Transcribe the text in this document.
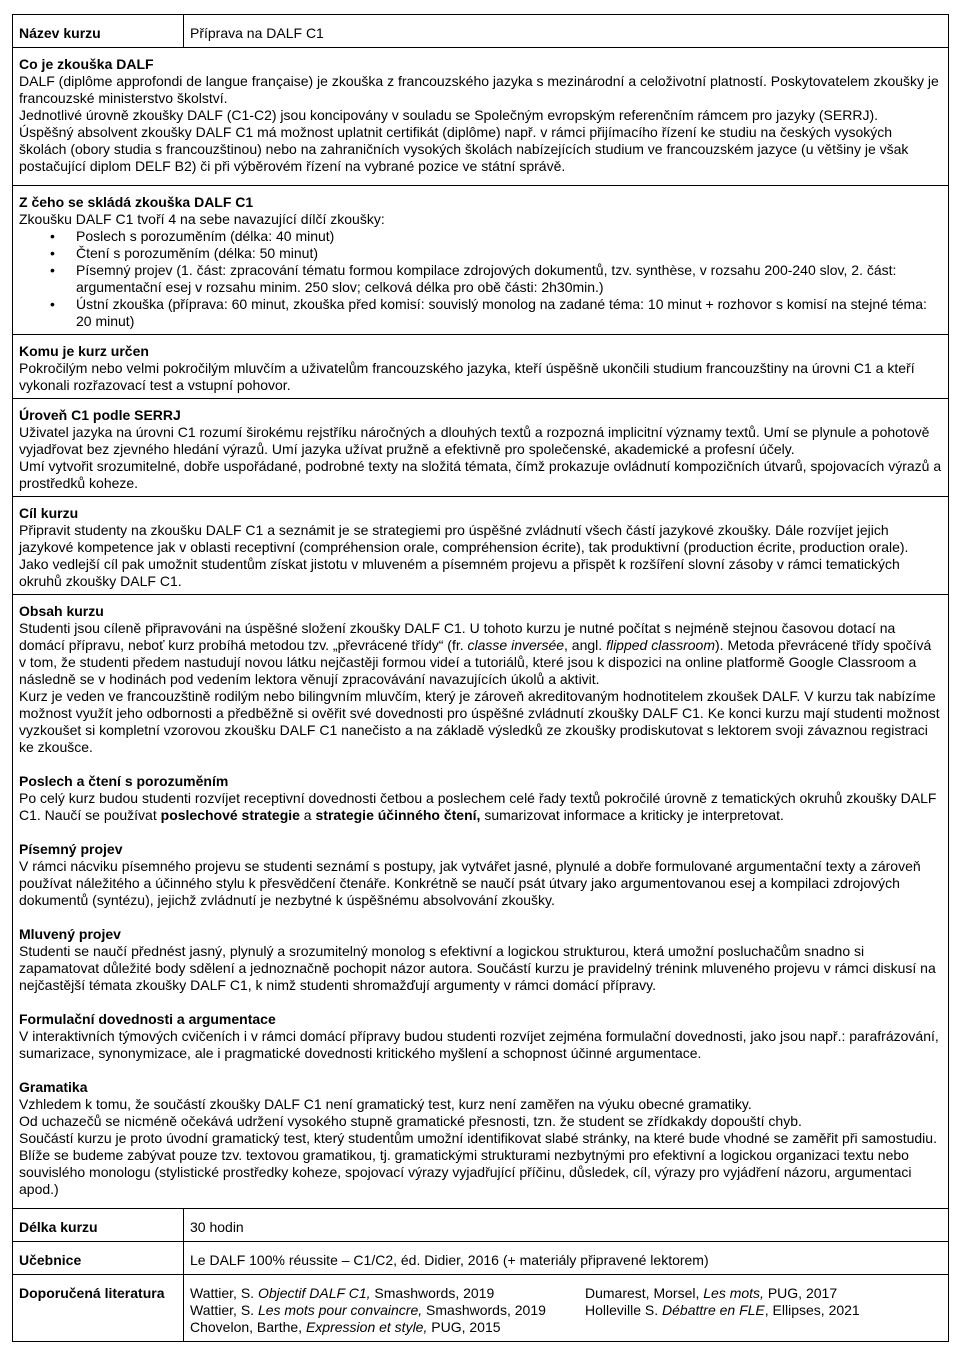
Název kurzu	Příprava na DALF C1
Co je zkouška DALF

DALF (diplôme approfondi de langue française) je zkouška z francouzského jazyka s mezinárodní a celoživotní platností. Poskytovatelem zkoušky je francouzské ministerstvo školství.

Jednotlivé úrovně zkoušky DALF (C1-C2) jsou koncipovány v souladu se Společným evropským referenčním rámcem pro jazyky (SERRJ).

Úspěšný absolvent zkoušky DALF C1 má možnost uplatnit certifikát (diplôme) např. v rámci přijímacího řízení ke studiu na českých vysokých školách (obory studia s francouzštinou) nebo na zahraničních vysokých školách nabízejících studium ve francouzském jazyce (u většiny je však postačující diplom DELF B2) či při výběrovém řízení na vybrané pozice ve státní správě.

Z čeho se skládá zkouška DALF C1

Zkoušku DALF C1 tvoří 4 na sebe navazující dílčí zkoušky:

• Poslech s porozuměním (délka: 40 minut)
• Čtení s porozuměním (délka: 50 minut)
• Písemný projev (1. část: zpracování tématu formou kompilace zdrojových dokumentů, tzv. synthèse, v rozsahu 200-240 slov, 2. část: argumentační esej v rozsahu minim. 250 slov; celková délka pro obě části: 2h30min.)
• Ústní zkouška (příprava: 60 minut, zkouška před komisí: souvislý monolog na zadané téma: 10 minut + rozhovor s komisí na stejné téma: 20 minut)
Komu je kurz určen

Pokročilým nebo velmi pokročilým mluvčím a uživatelům francouzského jazyka, kteří úspěšně ukončili studium francouzštiny na úrovni C1 a kteří vykonali rozřazovací test a vstupní pohovor.

Úroveň C1 podle SERRJ

Uživatel jazyka na úrovni C1 rozumí širokému rejstříku náročných a dlouhých textů a rozpozná implicitní významy textů. Umí se plynule a pohotově vyjadřovat bez zjevného hledání výrazů. Umí jazyka užívat pružně a efektivně pro společenské, akademické a profesní účely.

Umí vytvořit srozumitelné, dobře uspořádané, podrobné texty na složitá témata, čímž prokazuje ovládnutí kompozičních útvarů, spojovacích výrazů a prostředků koheze.

Cíl kurzu

Připravit studenty na zkoušku DALF C1 a seznámit je se strategiemi pro úspěšné zvládnutí všech částí jazykové zkoušky. Dále rozvíjet jejich jazykové kompetence jak v oblasti receptivní (compréhension orale, compréhension écrite), tak produktivní (production écrite, production orale).

Jako vedlejší cíl pak umožnit studentům získat jistotu v mluveném a písemném projevu a přispět k rozšíření slovní zásoby v rámci tematických okruhů zkoušky DALF C1.

Obsah kurzu

Studenti jsou cíleně připravováni na úspěšné složení zkoušky DALF C1. U tohoto kurzu je nutné počítat s nejméně stejnou časovou dotací na domácí přípravu, neboť kurz probíhá metodou tzv. „převrácené třídy“ (fr. classe inversée, angl. flipped classroom). Metoda převrácené třídy spočívá v tom, že studenti předem nastudují novou látku nejčastěji formou videí a tutoriálů, které jsou k dispozici na online platformě Google Classroom a následně se v hodinách pod vedením lektora věnují zpracovávání navazujících úkolů a aktivit.

Kurz je veden ve francouzštině rodilým nebo bilingvním mluvčím, který je zároveň akreditovaným hodnotitelem zkoušek DALF. V kurzu tak nabízíme možnost využít jeho odbornosti a předběžně si ověřit své dovednosti pro úspěšné zvládnutí zkoušky DALF C1. Ke konci kurzu mají studenti možnost vyzkoušet si kompletní vzorovou zkoušku DALF C1 nanečisto a na základě výsledků ze zkoušky prodiskutovat s lektorem svoji závaznou registraci ke zkoušce.

Poslech a čtení s porozuměním

Po celý kurz budou studenti rozvíjet receptivní dovednosti četbou a poslechem celé řady textů pokročilé úrovně z tematických okruhů zkoušky DALF C1. Naučí se používat poslechové strategie a strategie účinného čtení, sumarizovat informace a kriticky je interpretovat.

Písemný projev

V rámci nácviku písemného projevu se studenti seznámí s postupy, jak vytvářet jasné, plynulé a dobře formulované argumentační texty a zároveň používat náležitého a účinného stylu k přesvědčení čtenáře. Konkrétně se naučí psát útvary jako argumentovanou esej a kompilaci zdrojových dokumentů (syntézu), jejichž zvládnutí je nezbytné k úspěšnému absolvování zkoušky.

Mluvený projev

Studenti se naučí přednést jasný, plynulý a srozumitelný monolog s efektivní a logickou strukturou, která umožní posluchačům snadno si zapamatovat důležité body sdělení a jednoznačně pochopit názor autora. Součástí kurzu je pravidelný trénink mluveného projevu v rámci diskusí na nejčastější témata zkoušky DALF C1, k nimž studenti shromažďují argumenty v rámci domácí přípravy.

Formulační dovednosti a argumentace

V interaktivních týmových cvičeních i v rámci domácí přípravy budou studenti rozvíjet zejména formulační dovednosti, jako jsou např.: parafrázování, sumarizace, synonymizace, ale i pragmatické dovednosti kritického myšlení a schopnost účinné argumentace.

Gramatika

Vzhledem k tomu, že součástí zkoušky DALF C1 není gramatický test, kurz není zaměřen na výuku obecné gramatiky.

Od uchazečů se nicméně očekává udržení vysokého stupně gramatické přesnosti, tzn. že student se zřídkakdy dopouští chyb.

Součástí kurzu je proto úvodní gramatický test, který studentům umožní identifikovat slabé stránky, na které bude vhodné se zaměřit při samostudiu.

Blíže se budeme zabývat pouze tzv. textovou gramatikou, tj. gramatickými strukturami nezbytnými pro efektivní a logickou organizaci textu nebo souvislého monologu (stylistické prostředky koheze, spojovací výrazy vyjadřující příčinu, důsledek, cíl, výrazy pro vyjádření názoru, argumentaci apod.)

Délka kurzu	30 hodin
Učebnice	Le DALF 100% réussite – C1/C2, éd. Didier, 2016 (+ materiály připravené lektorem)
Doporučená literatura	Wattier, S. Objectif DALF C1, Smashwords, 2019
Wattier, S. Les mots pour convaincre, Smashwords, 2019
Chovelon, Barthe, Expression et style, PUG, 2015
Dumarest, Morsel, Les mots, PUG, 2017
Holleville S. Débattre en FLE, Ellipses, 2021
